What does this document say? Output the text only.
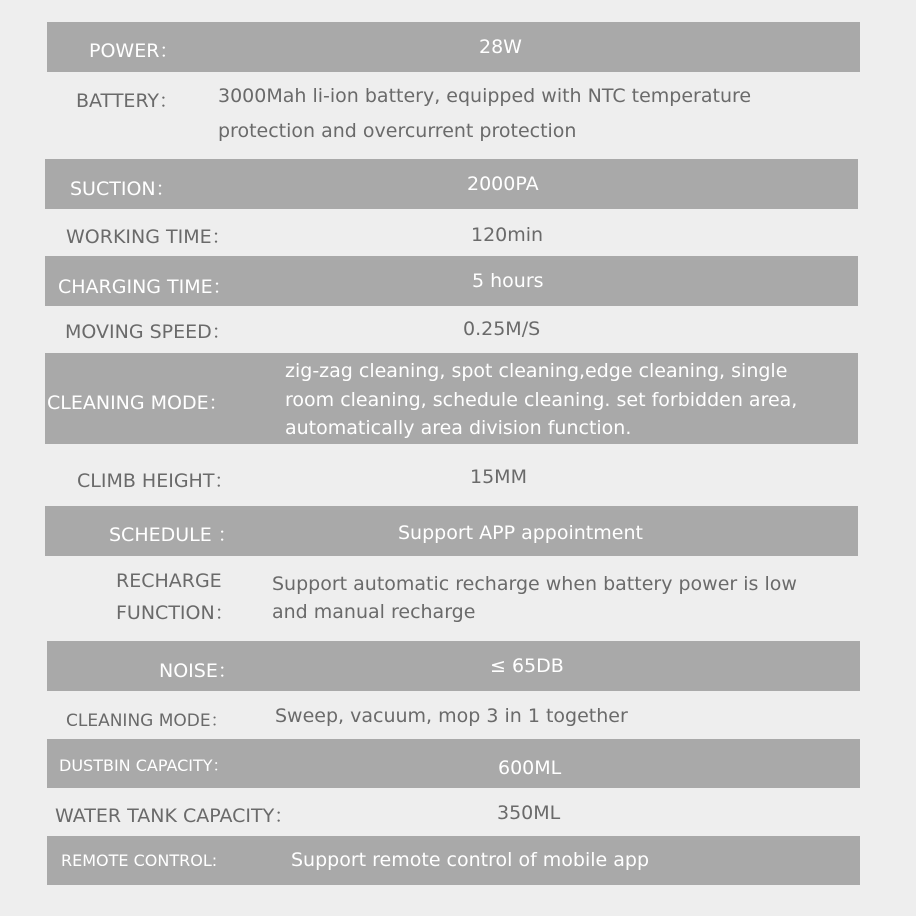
POWER：	28W
BATTERY： 3000Mah li-ion battery, equipped with NTC temperature
protection and overcurrent protection
SUCTION：	2000PA
WORKING TIME：	120min
CHARGING TIME：	5 hours
MOVING SPEED：	0.25M/S
CLEANING MODE：
zig-zag cleaning, spot cleaning,edge cleaning, single
room cleaning, schedule cleaning. set forbidden area,
automatically area division function.
CLIMB HEIGHT：	15MM
SCHEDULE ：	Support APP appointment
RECHARGE
FUNCTION：
Support automatic recharge when battery power is low
and manual recharge
NOISE：	≤ 65DB
CLEANING MODE： Sweep, vacuum, mop 3 in 1 together
DUSTBIN CAPACITY：	600ML
WATER TANK CAPACITY：	350ML
REMOTE CONTROL:	Support remote control of mobile app
